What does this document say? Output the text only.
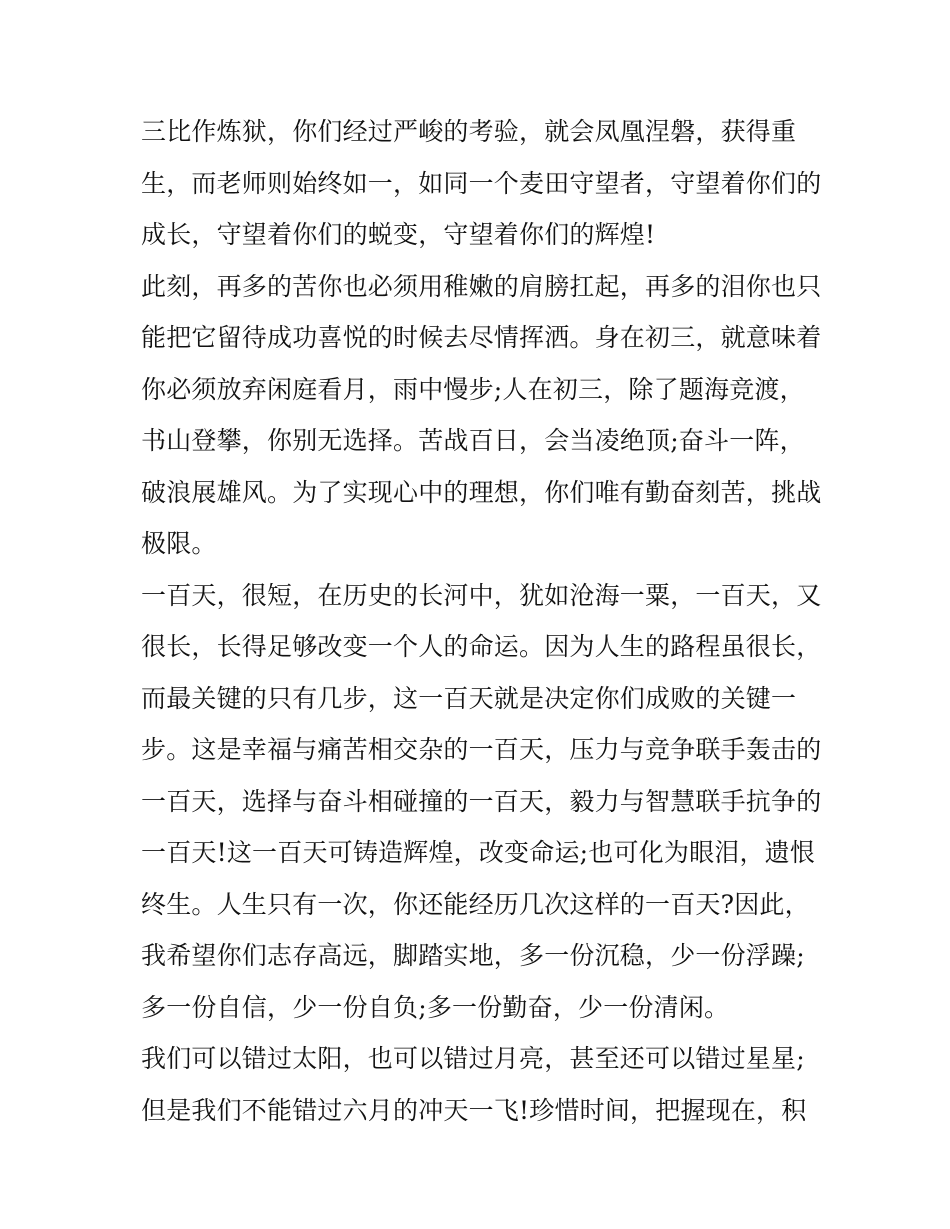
三比作炼狱，你们经过严峻的考验，就会凤凰涅磐，获得重
生，而老师则始终如一，如同一个麦田守望者，守望着你们的
成长，守望着你们的蜕变，守望着你们的辉煌!
此刻，再多的苦你也必须用稚嫩的肩膀扛起，再多的泪你也只
能把它留待成功喜悦的时候去尽情挥洒。身在初三，就意味着
你必须放弃闲庭看月，雨中慢步;人在初三，除了题海竞渡，
书山登攀，你别无选择。苦战百日，会当凌绝顶;奋斗一阵，
破浪展雄风。为了实现心中的理想，你们唯有勤奋刻苦，挑战
极限。
一百天，很短，在历史的长河中，犹如沧海一粟，一百天，又
很长，长得足够改变一个人的命运。因为人生的路程虽很长，
而最关键的只有几步，这一百天就是决定你们成败的关键一
步。这是幸福与痛苦相交杂的一百天，压力与竞争联手轰击的
一百天，选择与奋斗相碰撞的一百天，毅力与智慧联手抗争的
一百天!这一百天可铸造辉煌，改变命运;也可化为眼泪，遗恨
终生。人生只有一次，你还能经历几次这样的一百天?因此，
我希望你们志存高远，脚踏实地，多一份沉稳，少一份浮躁;
多一份自信，少一份自负;多一份勤奋，少一份清闲。
我们可以错过太阳，也可以错过月亮，甚至还可以错过星星;
但是我们不能错过六月的冲天一飞!珍惜时间，把握现在，积
